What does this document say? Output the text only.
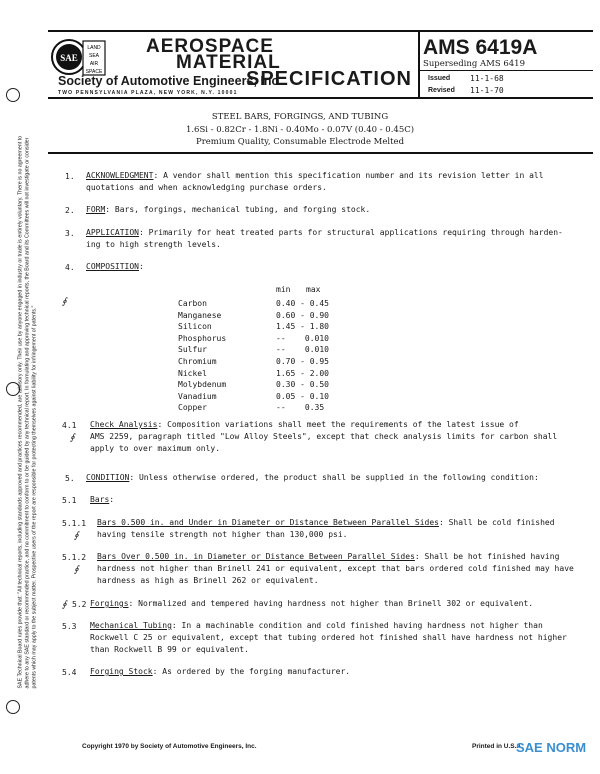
SAE Technical Board rules provide that: "All technical reports, including standards approved and practices recommended, are advisory only. Their use by anyone engaged in industry or trade is entirely voluntary. There is no agreement to adhere to any SAE standard or recommended practice, and no commitment to conform to or be guided by any technical report. In formulating and approving technical reports, the Board and its Committees will not investigate or consider patents which may apply to the subject matter. Prospective users of the report are responsible for protecting themselves against liability for infringement of patents."
SAE
LAND
SEA
AIR
SPACE
AEROSPACE
MATERIAL
SPECIFICATION
Society of Automotive Engineers, Inc.
TWO PENNSYLVANIA PLAZA, NEW YORK, N.Y. 10001
AMS 6419A
Superseding AMS 6419
Issued 11-1-68
Revised 11-1-70
STEEL BARS, FORGINGS, AND TUBING
1.6Si - 0.82Cr - 1.8Ni - 0.40Mo - 0.07V (0.40 - 0.45C)
Premium Quality, Consumable Electrode Melted
1. ACKNOWLEDGMENT: A vendor shall mention this specification number and its revision letter in all
quotations and when acknowledging purchase orders.
2. FORM: Bars, forgings, mechanical tubing, and forging stock.
3. APPLICATION: Primarily for heat treated parts for structural applications requiring through harden-
ing to high strength levels.
4. COMPOSITION:
min max
∮	Carbon	0.40 - 0.45
Manganese	0.60 - 0.90
Silicon	1.45 - 1.80
Phosphorus	--    0.010
Sulfur	--    0.010
Chromium	0.70 - 0.95
Nickel	1.65 - 2.00
Molybdenum	0.30 - 0.50
Vanadium	0.05 - 0.10
Copper	--    0.35
4.1 Check Analysis: Composition variations shall meet the requirements of the latest issue of
∮ AMS 2259, paragraph titled "Low Alloy Steels", except that check analysis limits for carbon shall
apply to over maximum only.
5. CONDITION: Unless otherwise ordered, the product shall be supplied in the following condition:
5.1 Bars:
5.1.1 Bars 0.500 in. and Under in Diameter or Distance Between Parallel Sides: Shall be cold finished
∮ having tensile strength not higher than 130,000 psi.
5.1.2 Bars Over 0.500 in. in Diameter or Distance Between Parallel Sides: Shall be hot finished having
∮ hardness not higher than Brinell 241 or equivalent, except that bars ordered cold finished may have
hardness as high as Brinell 262 or equivalent.
∮ 5.2 Forgings: Normalized and tempered having hardness not higher than Brinell 302 or equivalent.
5.3 Mechanical Tubing: In a machinable condition and cold finished having hardness not higher than
Rockwell C 25 or equivalent, except that tubing ordered hot finished shall have hardness not higher
than Rockwell B 99 or equivalent.
5.4 Forging Stock: As ordered by the forging manufacturer.
Copyright 1970 by Society of Automotive Engineers, Inc.	Printed in U.S.A.
SAE NORM
